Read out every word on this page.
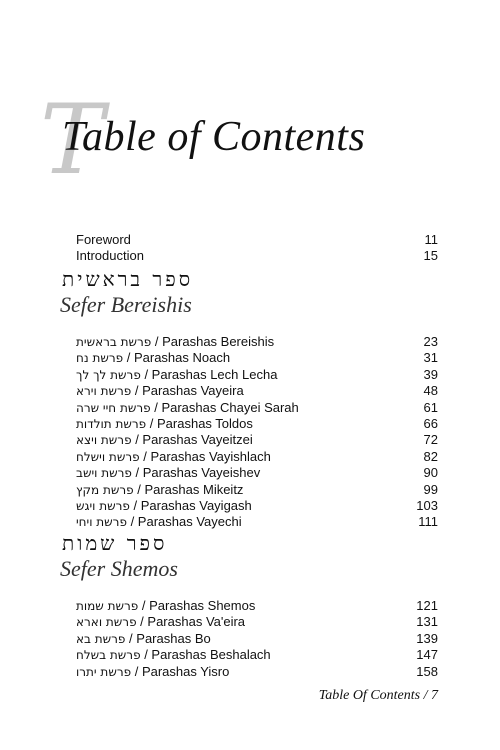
T
Table of Contents
Foreword	11
Introduction	15
ספר בראשית
Sefer Bereishis
פרשת בראשית / Parashas Bereishis	23
פרשת נח / Parashas Noach	31
פרשת לך לך / Parashas Lech Lecha	39
פרשת וירא / Parashas Vayeira	48
פרשת חיי שרה / Parashas Chayei Sarah	61
פרשת תולדות / Parashas Toldos	66
פרשת ויצא / Parashas Vayeitzei	72
פרשת וישלח / Parashas Vayishlach	82
פרשת וישב / Parashas Vayeishev	90
פרשת מקץ / Parashas Mikeitz	99
פרשת ויגש / Parashas Vayigash	103
פרשת ויחי / Parashas Vayechi	111
ספר שמות
Sefer Shemos
פרשת שמות / Parashas Shemos	121
פרשת וארא / Parashas Va'eira	131
פרשת בא / Parashas Bo	139
פרשת בשלח / Parashas Beshalach	147
פרשת יתרו / Parashas Yisro	158
Table Of Contents / 7
